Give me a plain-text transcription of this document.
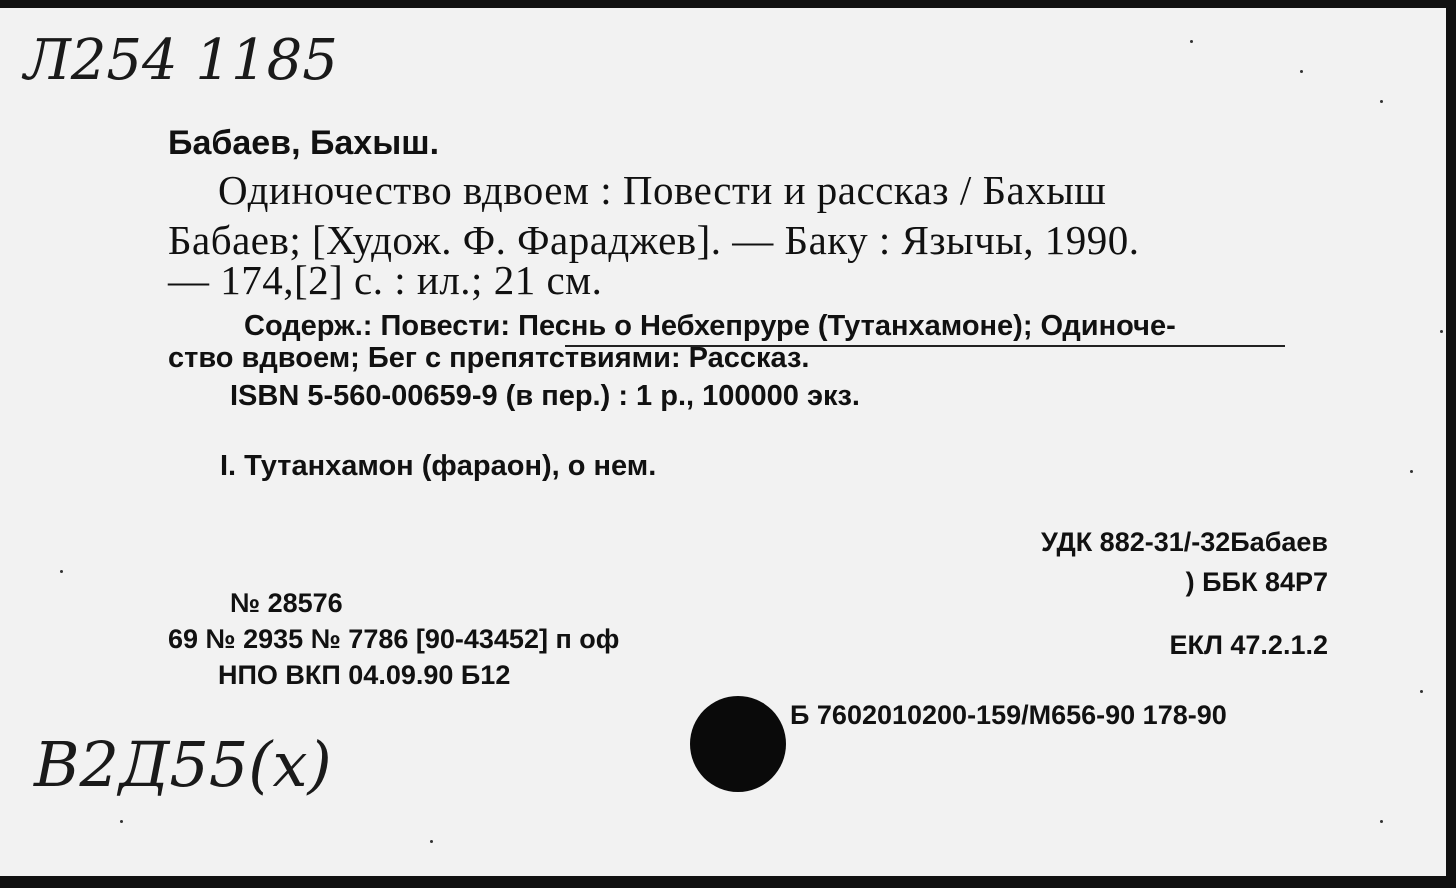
Л254 1185
Бабаев, Бахыш.
Одиночество вдвоем : Повести и рассказ / Бахыш
Бабаев; [Худож. Ф. Фараджев]. — Баку : Язычы, 1990.
— 174,[2] с. : ил.; 21 см.
Содерж.: Повести: Песнь о Небхепруре (Тутанхамоне); Одиноче-
ство вдвоем; Бег с препятствиями: Рассказ.
ISBN 5-560-00659-9 (в пер.) : 1 р., 100000 экз.
I. Тутанхамон (фараон), о нем.
УДК 882-31/-32Бабаев
) ББК 84Р7
ЕКЛ 47.2.1.2
№ 28576
69 № 2935 № 7786 [90-43452] п оф
НПО ВКП 04.09.90 Б12
Б 7602010200-159/М656-90 178-90
В2Д55(х)
